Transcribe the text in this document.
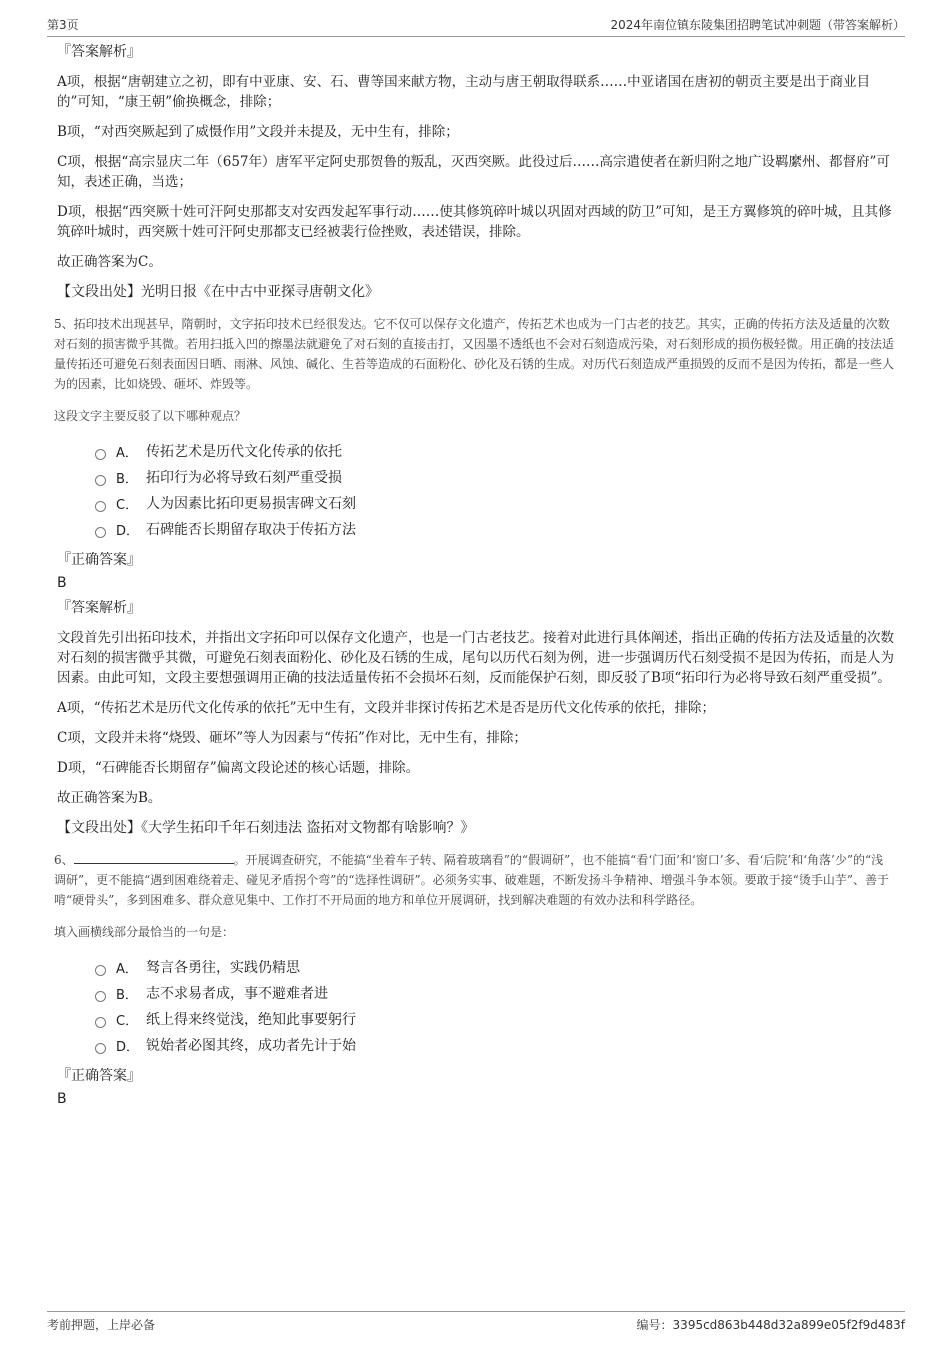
第3页	2024年南位镇东陵集团招聘笔试冲刺题（带答案解析）
『答案解析』

A项，根据“唐朝建立之初，即有中亚康、安、石、曹等国来献方物，主动与唐王朝取得联系……中亚诸国在唐初的朝贡主要是出于商业目的”可知，“康王朝”偷换概念，排除；

B项，“对西突厥起到了威慑作用”文段并未提及，无中生有，排除；

C项，根据“高宗显庆二年（657年）唐军平定阿史那贺鲁的叛乱，灭西突厥。此役过后……高宗遣使者在新归附之地广设羁縻州、都督府”可知，表述正确，当选；

D项，根据“西突厥十姓可汗阿史那都支对安西发起军事行动……使其修筑碎叶城以巩固对西域的防卫”可知，是王方翼修筑的碎叶城，且其修筑碎叶城时，西突厥十姓可汗阿史那都支已经被裴行俭挫败，表述错误，排除。

故正确答案为C。

【文段出处】光明日报《在中古中亚探寻唐朝文化》

5、拓印技术出现甚早，隋朝时，文字拓印技术已经很发达。它不仅可以保存文化遗产，传拓艺术也成为一门古老的技艺。其实，正确的传拓方法及适量的次数对石刻的损害微乎其微。若用扫抵入凹的擦墨法就避免了对石刻的直接击打，又因墨不透纸也不会对石刻造成污染，对石刻形成的损伤极轻微。用正确的技法适量传拓还可避免石刻表面因日晒、雨淋、风蚀、碱化、生苔等造成的石面粉化、砂化及石锈的生成。对历代石刻造成严重损毁的反而不是因为传拓，都是一些人为的因素，比如烧毁、砸坏、炸毁等。

这段文字主要反驳了以下哪种观点？

A． 传拓艺术是历代文化传承的依托
B． 拓印行为必将导致石刻严重受损
C． 人为因素比拓印更易损害碑文石刻
D． 石碑能否长期留存取决于传拓方法
『正确答案』
B
『答案解析』

文段首先引出拓印技术，并指出文字拓印可以保存文化遗产，也是一门古老技艺。接着对此进行具体阐述，指出正确的传拓方法及适量的次数对石刻的损害微乎其微，可避免石刻表面粉化、砂化及石锈的生成，尾句以历代石刻为例，进一步强调历代石刻受损不是因为传拓，而是人为因素。由此可知，文段主要想强调用正确的技法适量传拓不会损坏石刻，反而能保护石刻，即反驳了B项“拓印行为必将导致石刻严重受损”。

A项，“传拓艺术是历代文化传承的依托”无中生有，文段并非探讨传拓艺术是否是历代文化传承的依托，排除；

C项，文段并未将“烧毁、砸坏”等人为因素与“传拓”作对比，无中生有，排除；

D项，“石碑能否长期留存”偏离文段论述的核心话题，排除。

故正确答案为B。

【文段出处】《大学生拓印千年石刻违法 盗拓对文物都有啥影响？》

6、	。开展调查研究，不能搞“坐着车子转、隔着玻璃看”的“假调研”，也不能搞“看‘门面’和‘窗口’多、看‘后院’和‘角落’少”的“浅调研”，更不能搞“遇到困难绕着走、碰见矛盾拐个弯”的“选择性调研”。必须务实事、破难题，不断发扬斗争精神、增强斗争本领。要敢于接“烫手山芋”、善于啃“硬骨头”，多到困难多、群众意见集中、工作打不开局面的地方和单位开展调研，找到解决难题的有效办法和科学路径。

填入画横线部分最恰当的一句是：

A． 驽言各勇往，实践仍精思
B． 志不求易者成，事不避难者进
C． 纸上得来终觉浅，绝知此事要躬行
D． 锐始者必图其终，成功者先计于始
『正确答案』
B
考前押题，上岸必备	编号：3395cd863b448d32a899e05f2f9d483f
